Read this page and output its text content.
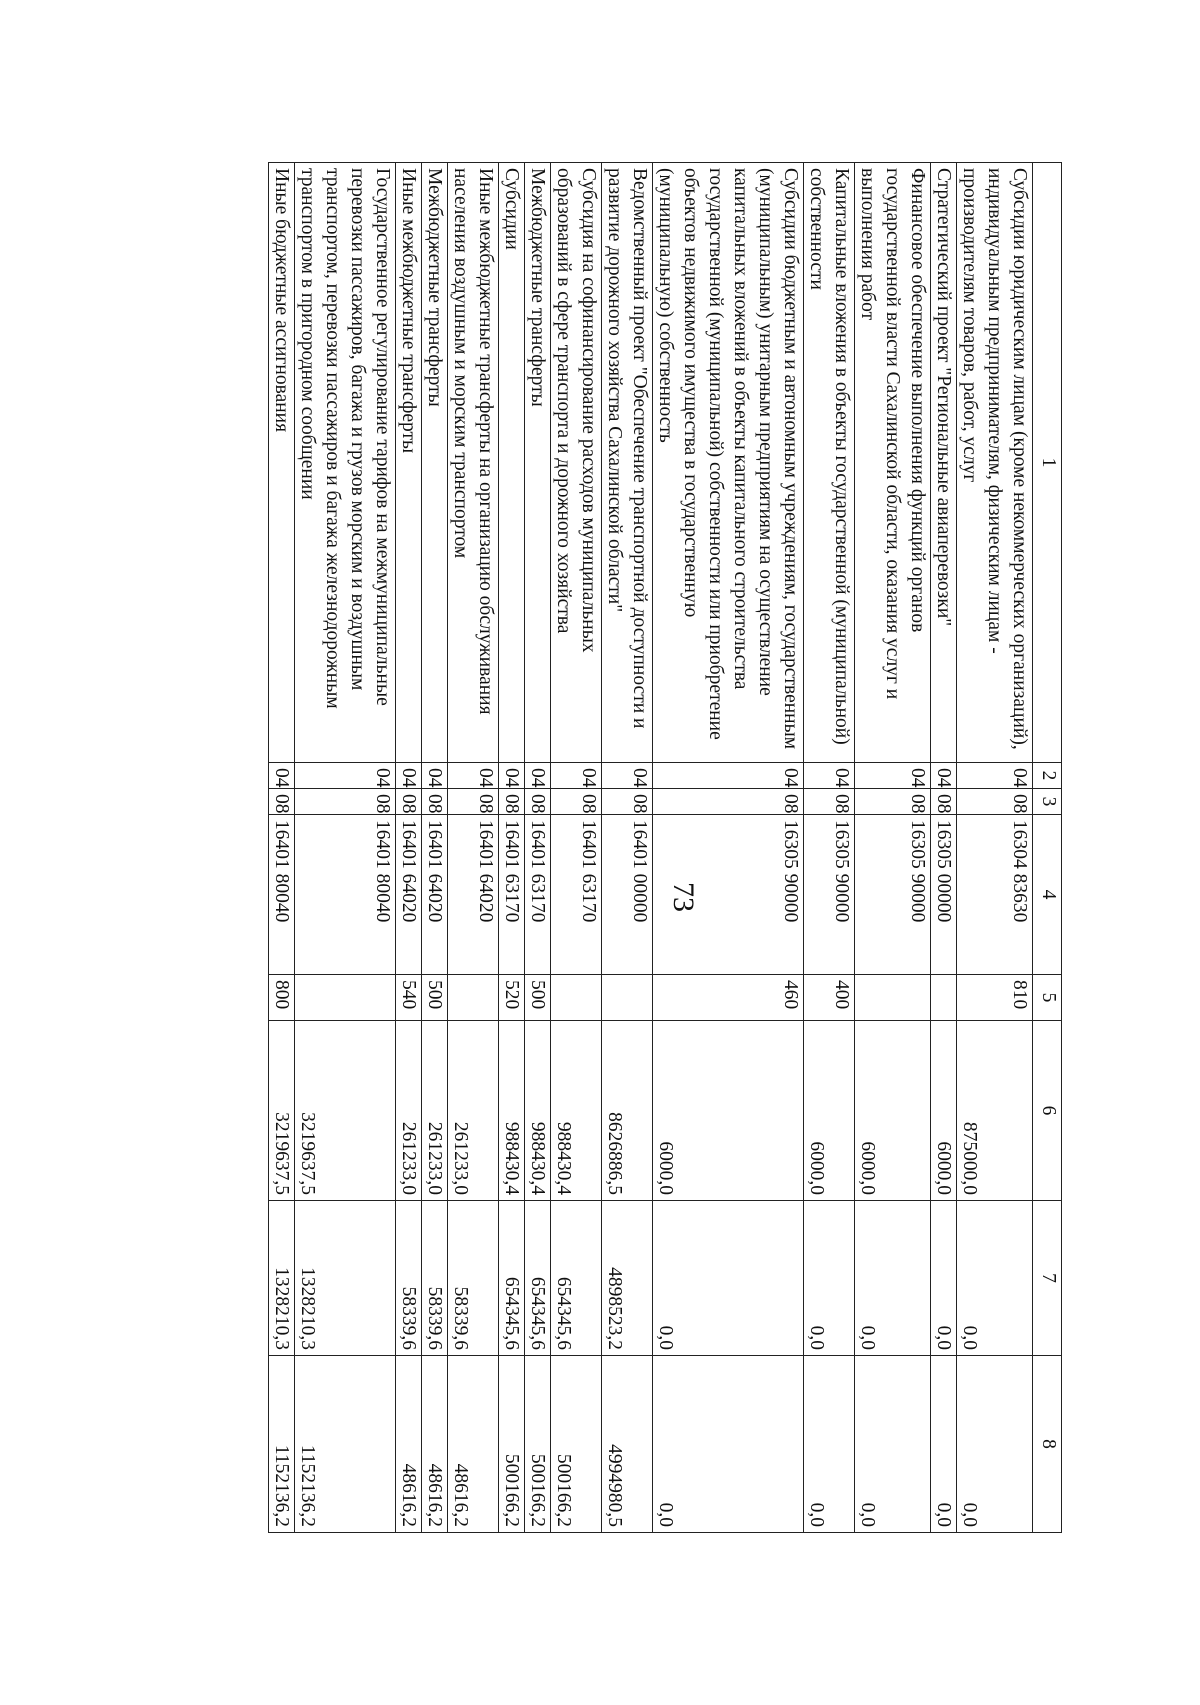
73
1	2	3	4	5	6	7	8
Субсидии юридическим лицам (кроме некоммерческих организаций), индивидуальным предпринимателям, физическим лицам - производителям товаров, работ, услуг	04	08	16304 83630	810	875000,0	0,0	0,0
Стратегический проект "Региональные авиаперевозки"	04	08	16305 00000		6000,0	0,0	0,0
Финансовое обеспечение выполнения функций органов государственной власти Сахалинской области, оказания услуг и выполнения работ	04	08	16305 90000		6000,0	0,0	0,0
Капитальные вложения в объекты государственной (муниципальной) собственности	04	08	16305 90000	400	6000,0	0,0	0,0
Субсидии бюджетным и автономным учреждениям, государственным (муниципальным) унитарным предприятиям на осуществление капитальных вложений в объекты капитального строительства государственной (муниципальной) собственности или приобретение объектов недвижимого имущества в государственную (муниципальную) собственность	04	08	16305 90000	460	6000,0	0,0	0,0
Ведомственный проект "Обеспечение транспортной доступности и развитие дорожного хозяйства Сахалинской области"	04	08	16401 00000		8626886,5	4898523,2	4994980,5
Субсидия на софинансирование расходов муниципальных образований в сфере транспорта и дорожного хозяйства	04	08	16401 63170		988430,4	654345,6	500166,2
Межбюджетные трансферты	04	08	16401 63170	500	988430,4	654345,6	500166,2
Субсидии	04	08	16401 63170	520	988430,4	654345,6	500166,2
Иные межбюджетные трансферты на организацию обслуживания населения воздушным и морским транспортом	04	08	16401 64020		261233,0	58339,6	48616,2
Межбюджетные трансферты	04	08	16401 64020	500	261233,0	58339,6	48616,2
Иные межбюджетные трансферты	04	08	16401 64020	540	261233,0	58339,6	48616,2
Государственное регулирование тарифов на межмуниципальные перевозки пассажиров, багажа и грузов морским и воздушным транспортом, перевозки пассажиров и багажа железнодорожным транспортом в пригородном сообщении	04	08	16401 80040		3219637,5	1328210,3	1152136,2
Иные бюджетные ассигнования	04	08	16401 80040	800	3219637,5	1328210,3	1152136,2
